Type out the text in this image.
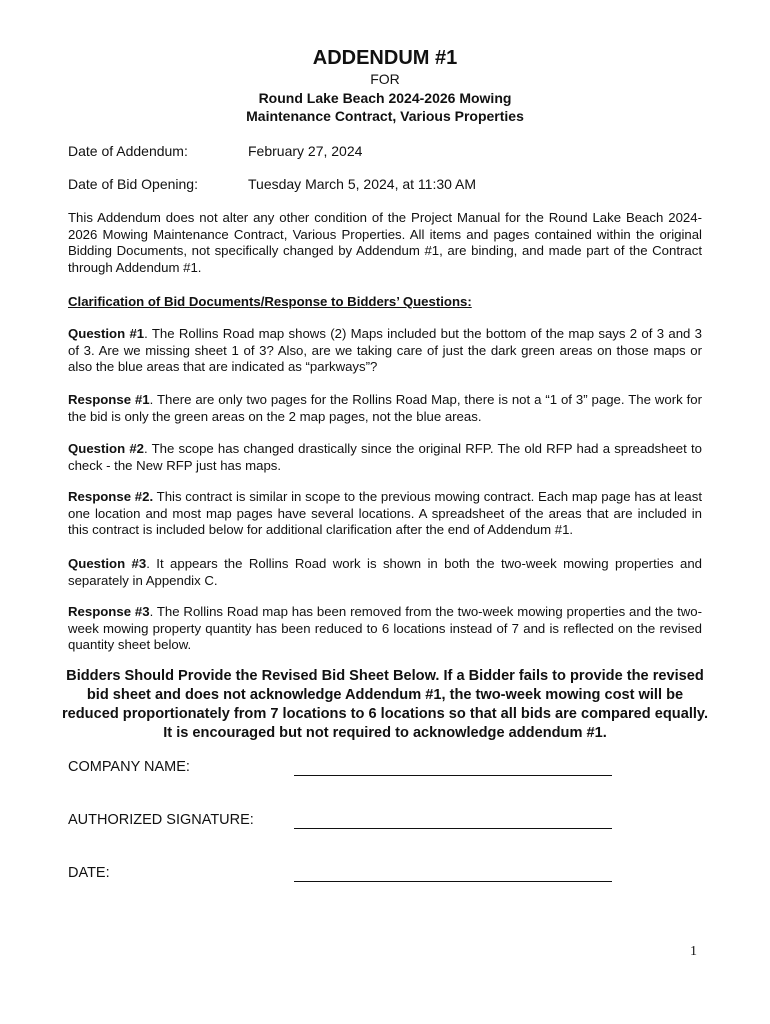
ADDENDUM #1
FOR
Round Lake Beach 2024-2026 Mowing
Maintenance Contract, Various Properties
Date of Addendum:	February 27, 2024
Date of Bid Opening:	Tuesday March 5, 2024, at 11:30 AM
This Addendum does not alter any other condition of the Project Manual for the Round Lake Beach 2024-2026 Mowing Maintenance Contract, Various Properties. All items and pages contained within the original Bidding Documents, not specifically changed by Addendum #1, are binding, and made part of the Contract through Addendum #1.
Clarification of Bid Documents/Response to Bidders’ Questions:
Question #1. The Rollins Road map shows (2) Maps included but the bottom of the map says 2 of 3 and 3 of 3. Are we missing sheet 1 of 3? Also, are we taking care of just the dark green areas on those maps or also the blue areas that are indicated as “parkways”?
Response #1. There are only two pages for the Rollins Road Map, there is not a “1 of 3” page. The work for the bid is only the green areas on the 2 map pages, not the blue areas.
Question #2. The scope has changed drastically since the original RFP. The old RFP had a spreadsheet to check - the New RFP just has maps.
Response #2. This contract is similar in scope to the previous mowing contract. Each map page has at least one location and most map pages have several locations. A spreadsheet of the areas that are included in this contract is included below for additional clarification after the end of Addendum #1.
Question #3. It appears the Rollins Road work is shown in both the two-week mowing properties and separately in Appendix C.
Response #3. The Rollins Road map has been removed from the two-week mowing properties and the two-week mowing property quantity has been reduced to 6 locations instead of 7 and is reflected on the revised quantity sheet below.
Bidders Should Provide the Revised Bid Sheet Below. If a Bidder fails to provide the revised bid sheet and does not acknowledge Addendum #1, the two-week mowing cost will be reduced proportionately from 7 locations to 6 locations so that all bids are compared equally. It is encouraged but not required to acknowledge addendum #1.
COMPANY NAME:
AUTHORIZED SIGNATURE:
DATE:
1
